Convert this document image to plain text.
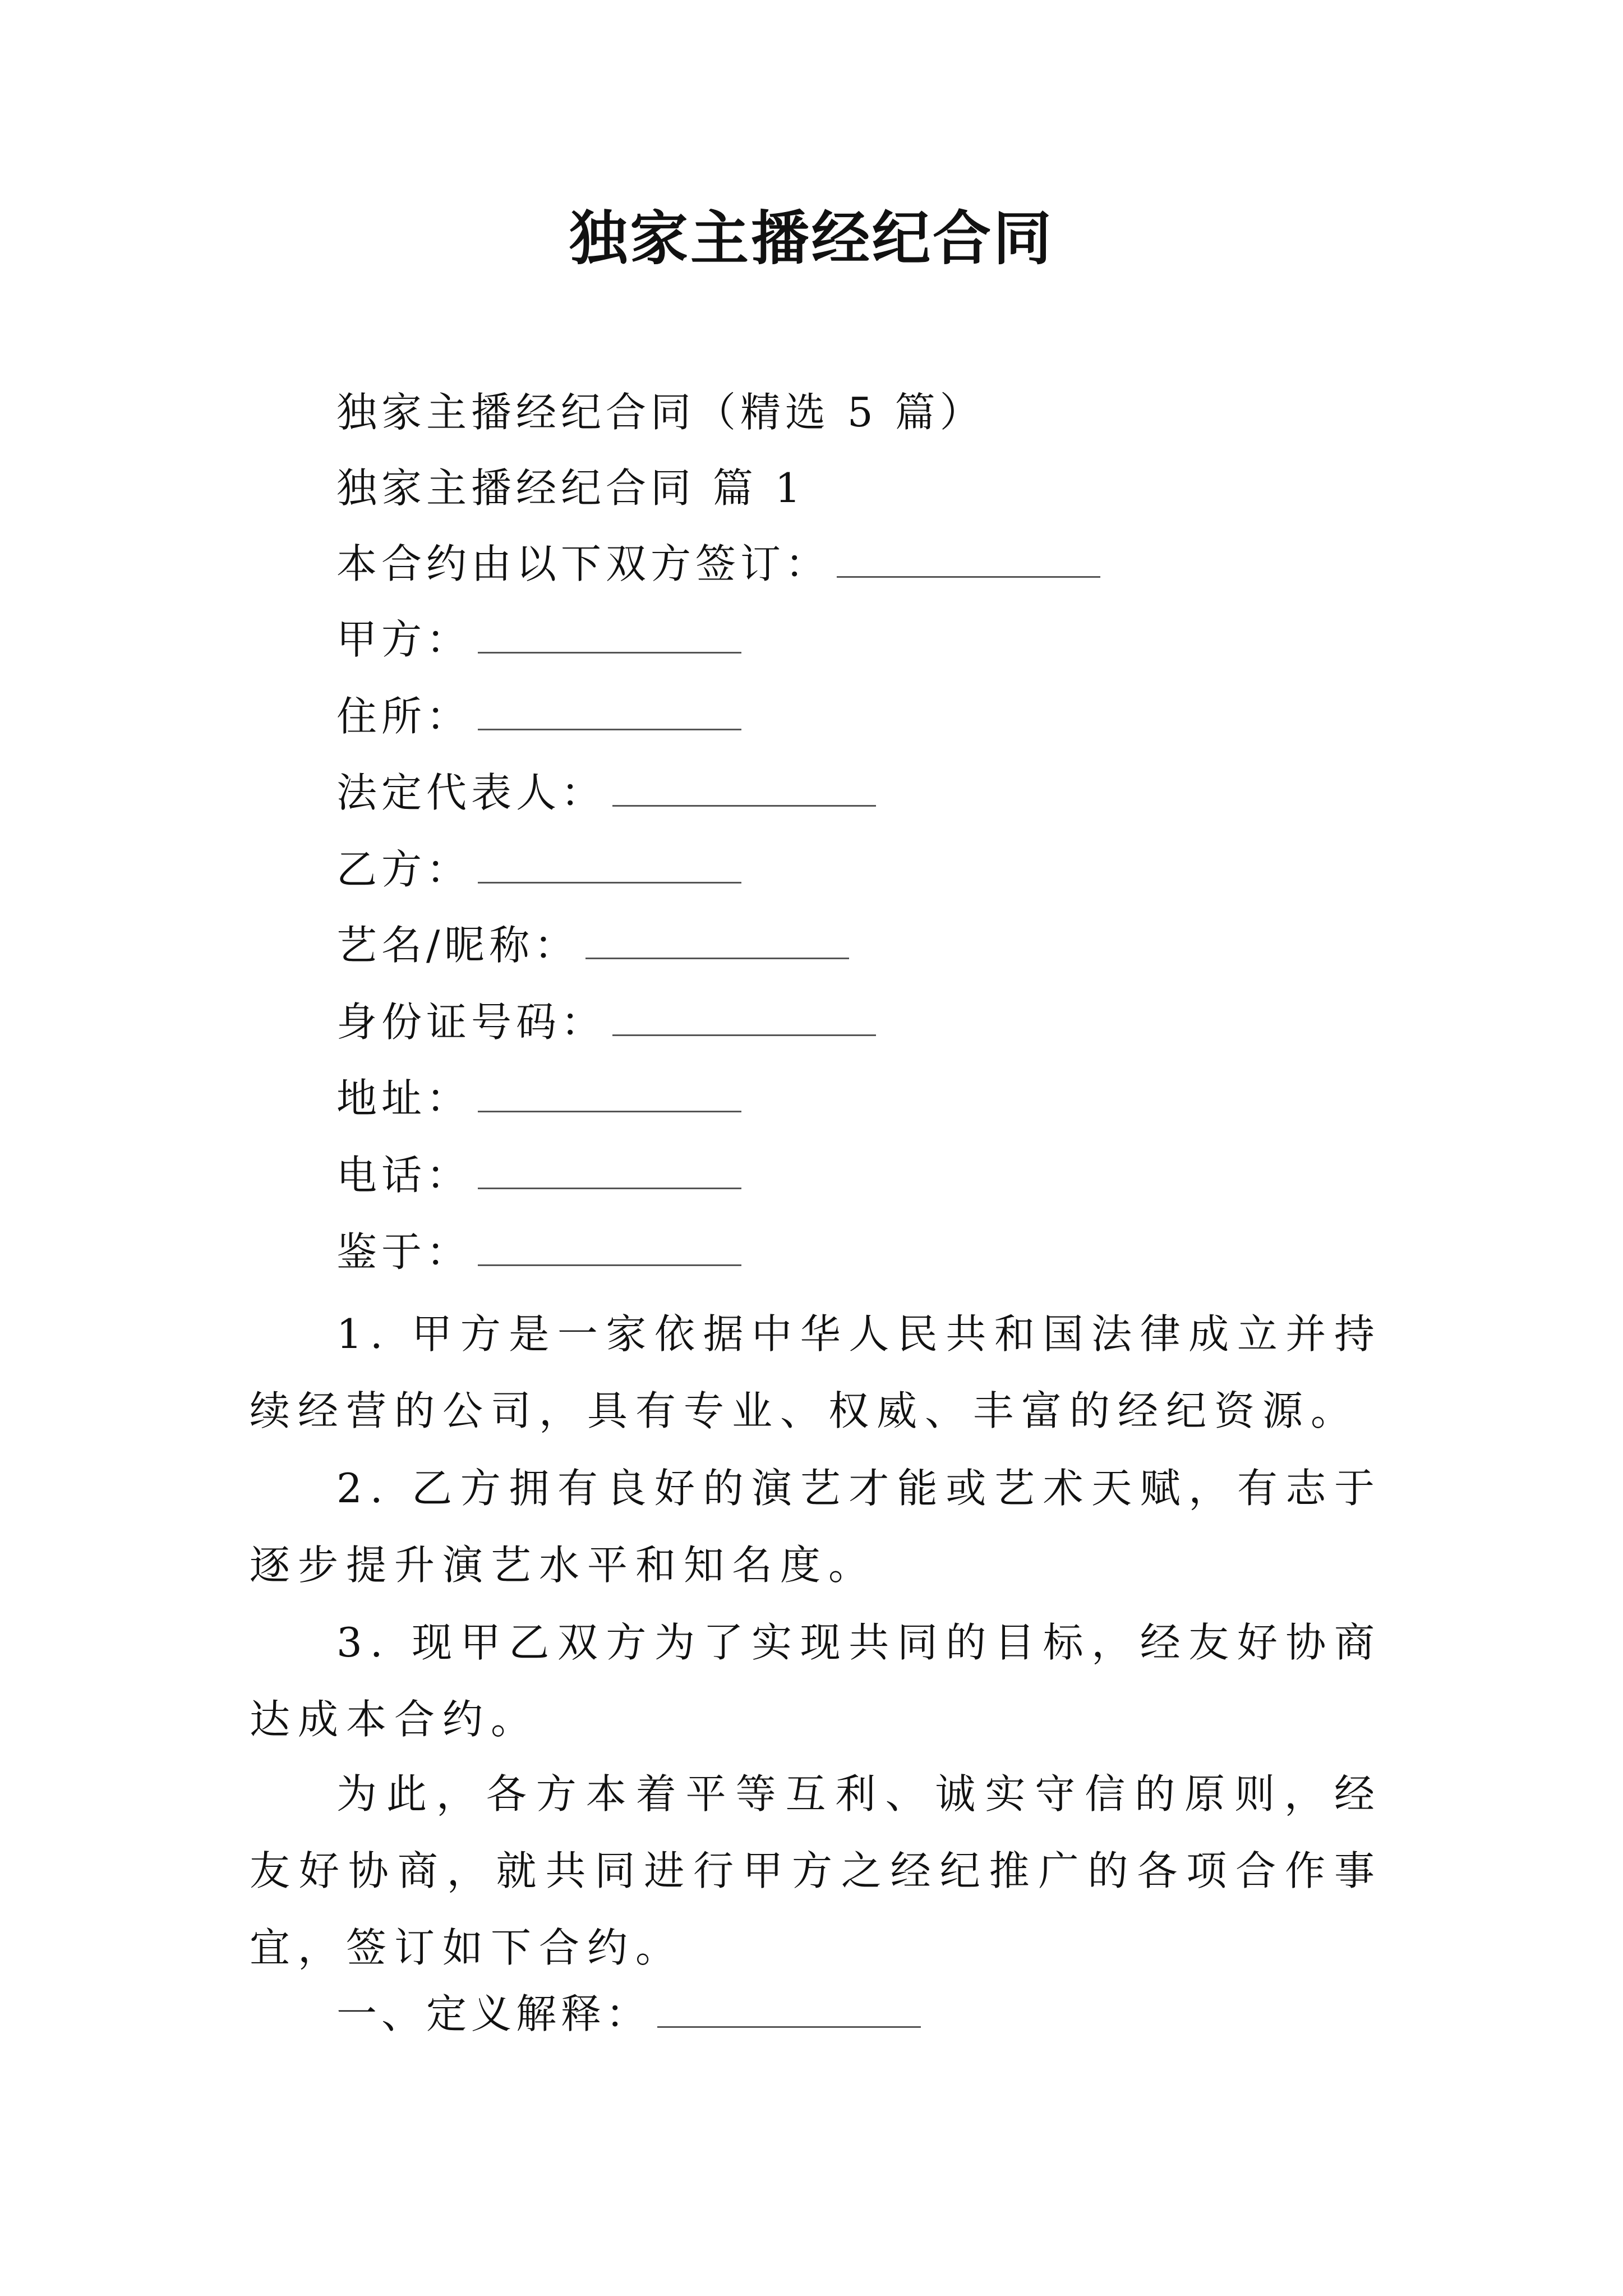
独家主播经纪合同
独家主播经纪合同（精选 5 篇）
独家主播经纪合同 篇 1
本合约由以下双方签订：
甲方：
住所：
法定代表人：
乙方：
艺名/昵称：
身份证号码：
地址：
电话：
鉴于：
1. 甲方是一家依据中华人民共和国法律成立并持续经营的公司，具有专业、权威、丰富的经纪资源。
2. 乙方拥有良好的演艺才能或艺术天赋，有志于逐步提升演艺水平和知名度。
3. 现甲乙双方为了实现共同的目标，经友好协商达成本合约。
为此，各方本着平等互利、诚实守信的原则，经友好协商，就共同进行甲方之经纪推广的各项合作事宜，签订如下合约。
一、定义解释：
